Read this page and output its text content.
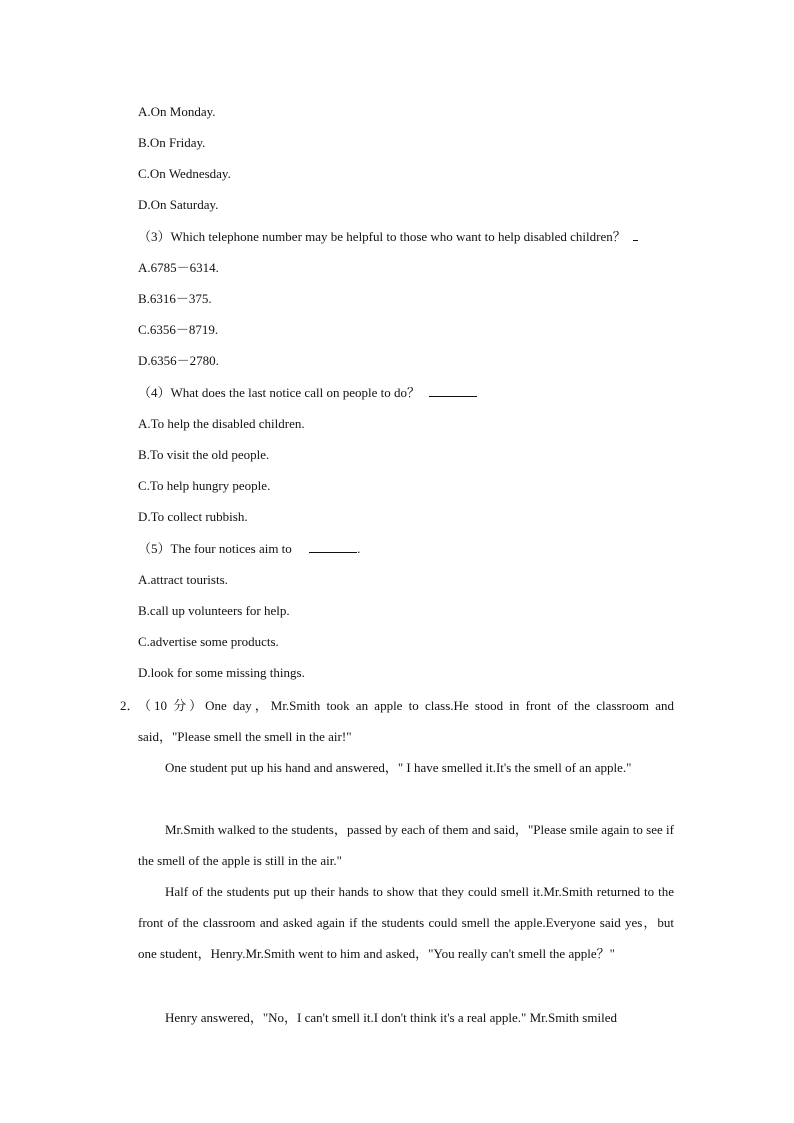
A.On Monday.
B.On Friday.
C.On Wednesday.
D.On Saturday.
（3）Which telephone number may be helpful to those who want to help disabled children？
A.6785－6314.
B.6316－375.
C.6356－8719.
D.6356－2780.
（4）What does the last notice call on people to do？
A.To help the disabled children.
B.To visit the old people.
C.To help hungry people.
D.To collect rubbish.
（5）The four notices aim to	.
A.attract tourists.
B.call up volunteers for help.
C.advertise some products.
D.look for some missing things.
2．
（10 分）One day，Mr.Smith took an apple to class.He stood in front of the classroom and said，"Please smell the smell in the air!"
One student put up his hand and answered，" I have smelled it.It's the smell of an apple."
Mr.Smith walked to the students，passed by each of them and said，"Please smile again to see if the smell of the apple is still in the air."
Half of the students put up their hands to show that they could smell it.Mr.Smith returned to the front of the classroom and asked again if the students could smell the apple.Everyone said yes，but one student，Henry.Mr.Smith went to him and asked，"You really can't smell the apple？"
Henry answered，"No，I can't smell it.I don't think it's a real apple." Mr.Smith smiled
